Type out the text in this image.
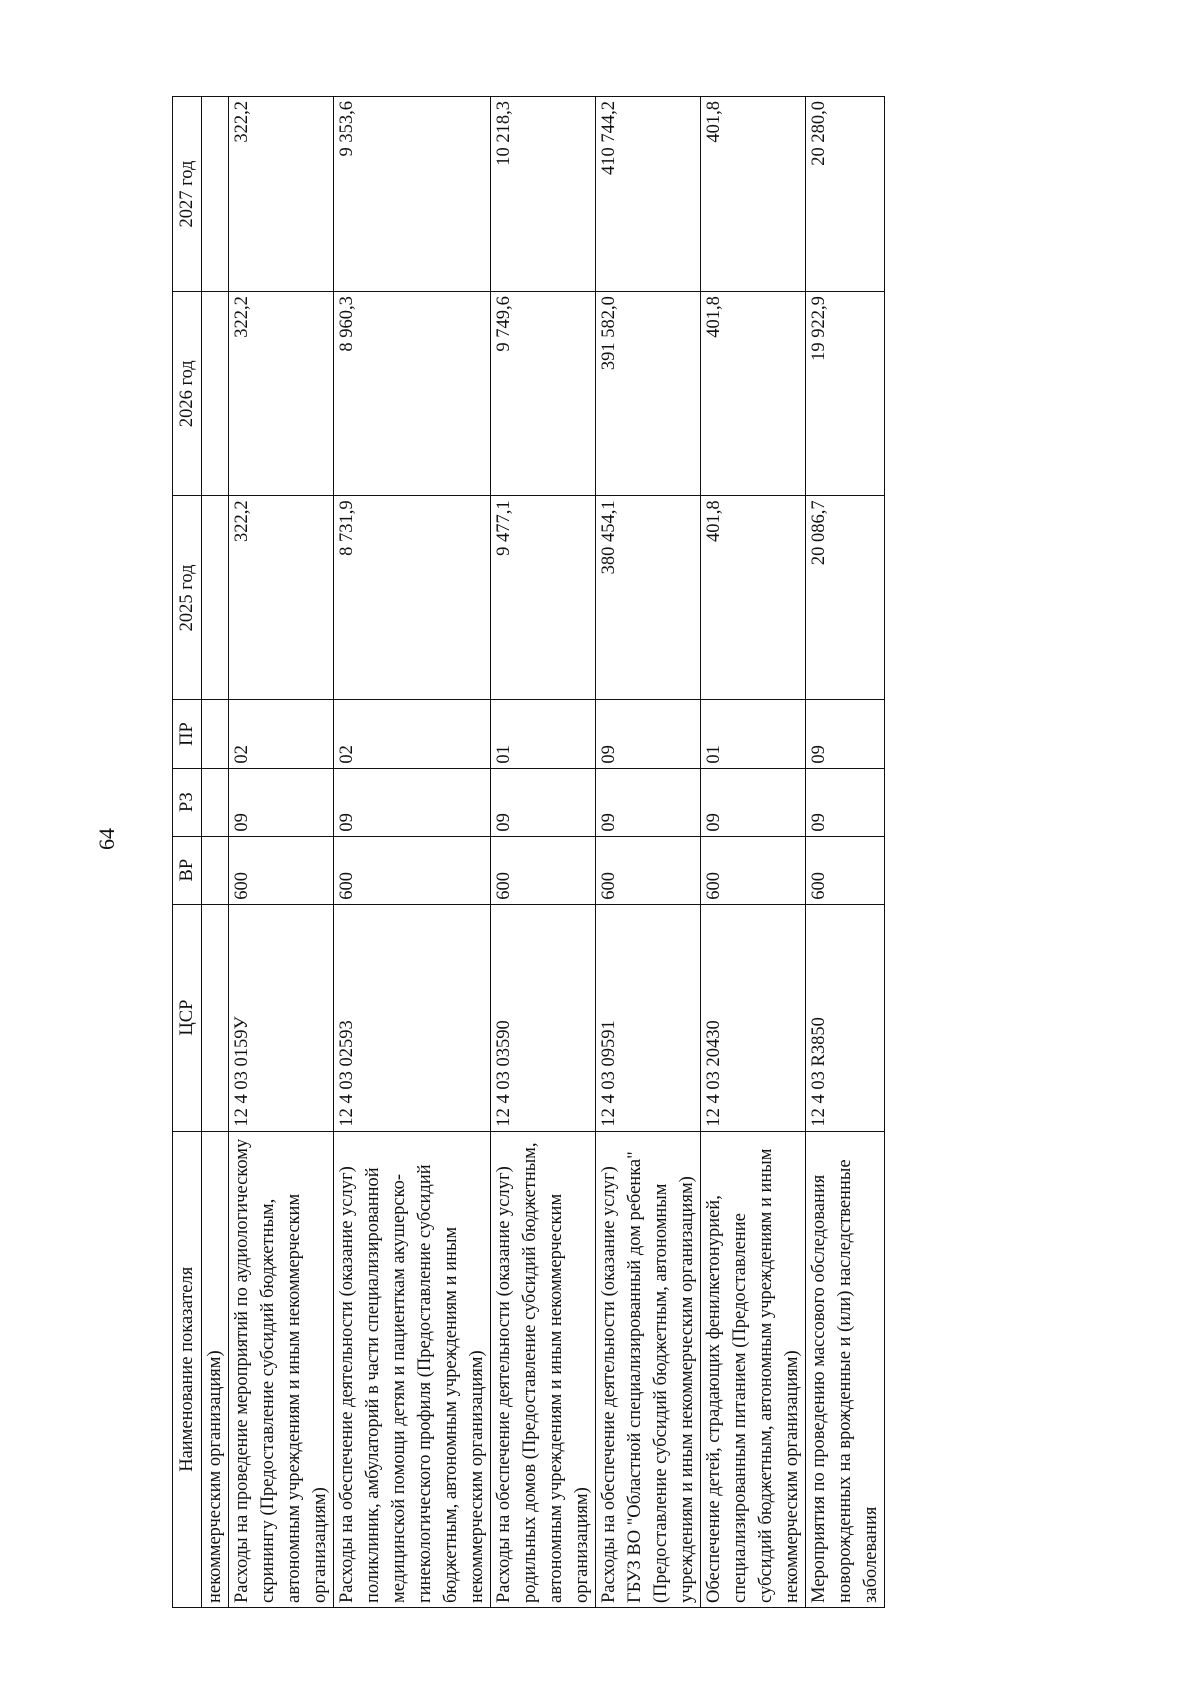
64
Наименование показателя	ЦСР	ВР	РЗ	ПР	2025 год	2026 год	2027 год
некоммерческим организациям)							
Расходы на проведение мероприятий по аудиологическому скринингу (Предоставление субсидий бюджетным, автономным учреждениям и иным некоммерческим организациям)	12 4 03 0159У	600	09	02	322,2	322,2	322,2
Расходы на обеспечение деятельности (оказание услуг) поликлиник, амбулаторий в части специализированной медицинской помощи детям и пациенткам акушерско-гинекологического профиля (Предоставление субсидий бюджетным, автономным учреждениям и иным некоммерческим организациям)	12 4 03 02593	600	09	02	8 731,9	8 960,3	9 353,6
Расходы на обеспечение деятельности (оказание услуг) родильных домов (Предоставление субсидий бюджетным, автономным учреждениям и иным некоммерческим организациям)	12 4 03 03590	600	09	01	9 477,1	9 749,6	10 218,3
Расходы на обеспечение деятельности (оказание услуг) ГБУЗ ВО "Областной специализированный дом ребенка" (Предоставление субсидий бюджетным, автономным учреждениям и иным некоммерческим организациям)	12 4 03 09591	600	09	09	380 454,1	391 582,0	410 744,2
Обеспечение детей, страдающих фенилкетонурией, специализированным питанием (Предоставление субсидий бюджетным, автономным учреждениям и иным некоммерческим организациям)	12 4 03 20430	600	09	01	401,8	401,8	401,8
Мероприятия по проведению массового обследования новорожденных на врожденные и (или) наследственные заболевания	12 4 03 R3850	600	09	09	20 086,7	19 922,9	20 280,0
